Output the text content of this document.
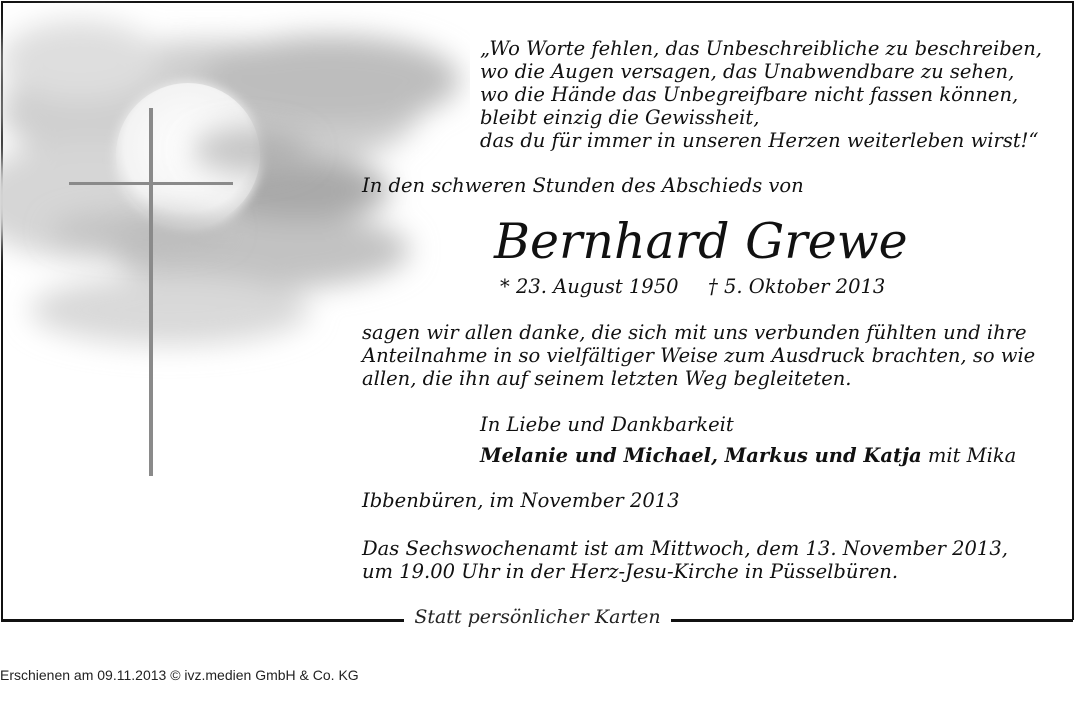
„Wo Worte fehlen, das Unbeschreibliche zu beschreiben,
wo die Augen versagen, das Unabwendbare zu sehen,
wo die Hände das Unbegreifbare nicht fassen können,
bleibt einzig die Gewissheit,
das du für immer in unseren Herzen weiterleben wirst!“
In den schweren Stunden des Abschieds von
Bernhard Grewe
* 23. August 1950 † 5. Oktober 2013
sagen wir allen danke, die sich mit uns verbunden fühlten und ihre
Anteilnahme in so vielfältiger Weise zum Ausdruck brachten, so wie
allen, die ihn auf seinem letzten Weg begleiteten.
In Liebe und Dankbarkeit
Melanie und Michael, Markus und Katja mit Mika
Ibbenbüren, im November 2013
Das Sechswochenamt ist am Mittwoch, dem 13. November 2013,
um 19.00 Uhr in der Herz-Jesu-Kirche in Püsselbüren.
Statt persönlicher Karten
Erschienen am 09.11.2013 © ivz.medien GmbH & Co. KG
